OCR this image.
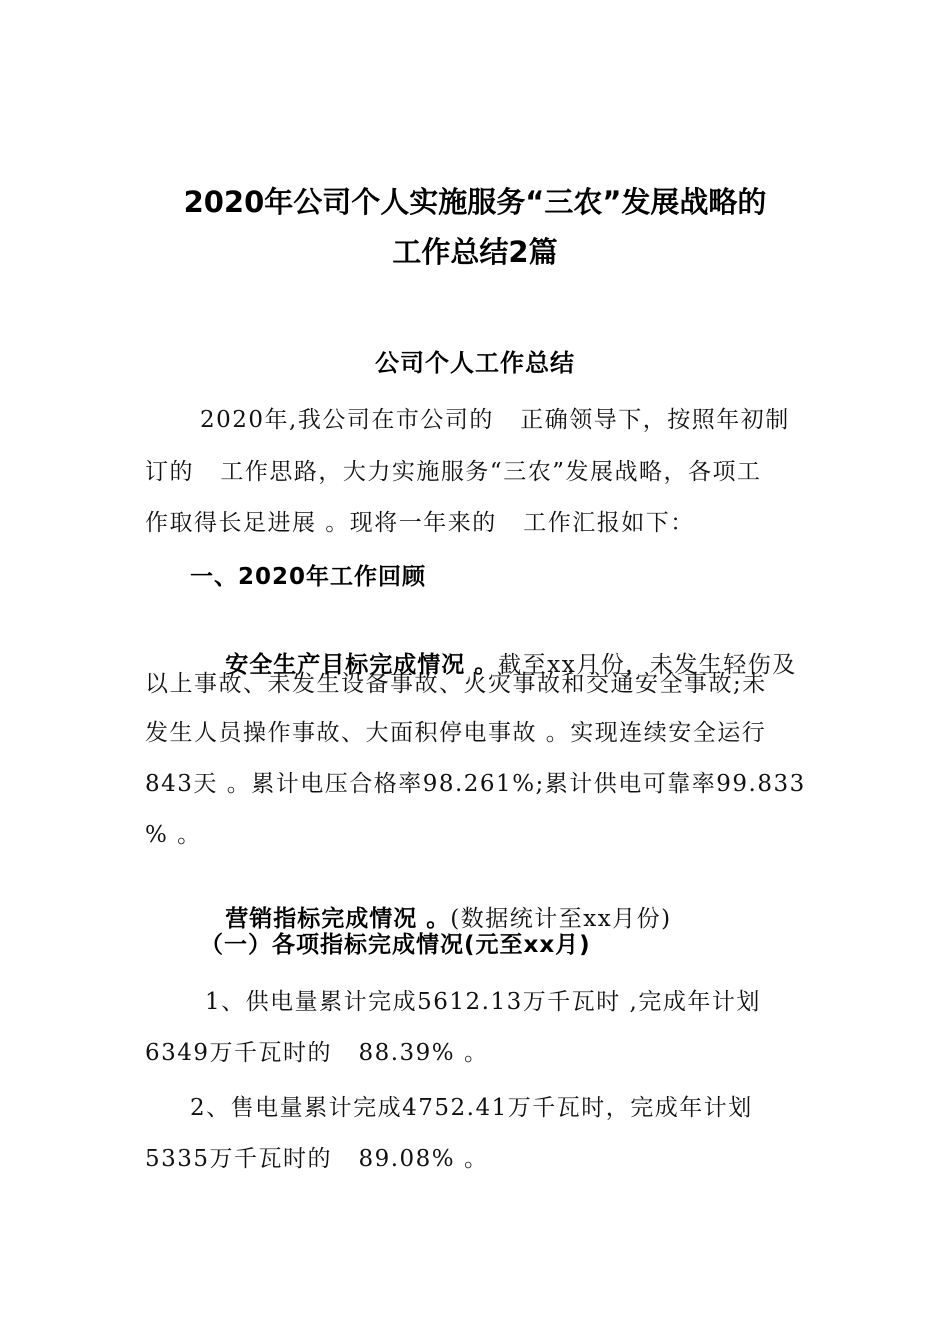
2020年公司个人实施服务“三农”发展战略的
工作总结2篇
公司个人工作总结
2020年,我公司在市公司的   正确领导下，按照年初制
订的   工作思路，大力实施服务“三农”发展战略，各项工
作取得长足进展 。现将一年来的   工作汇报如下：
一、2020年工作回顾

安全生产目标完成情况 。截至xx月份，未发生轻伤及

以上事故、未发生设备事故、火灾事故和交通安全事故;未
发生人员操作事故、大面积停电事故 。实现连续安全运行
843天 。累计电压合格率98.261%;累计供电可靠率99.833
% 。

营销指标完成情况 。(数据统计至xx月份)

（一）各项指标完成情况(元至xx月)
1、供电量累计完成5612.13万千瓦时 ,完成年计划
6349万千瓦时的   88.39% 。
2、售电量累计完成4752.41万千瓦时，完成年计划
5335万千瓦时的   89.08% 。
